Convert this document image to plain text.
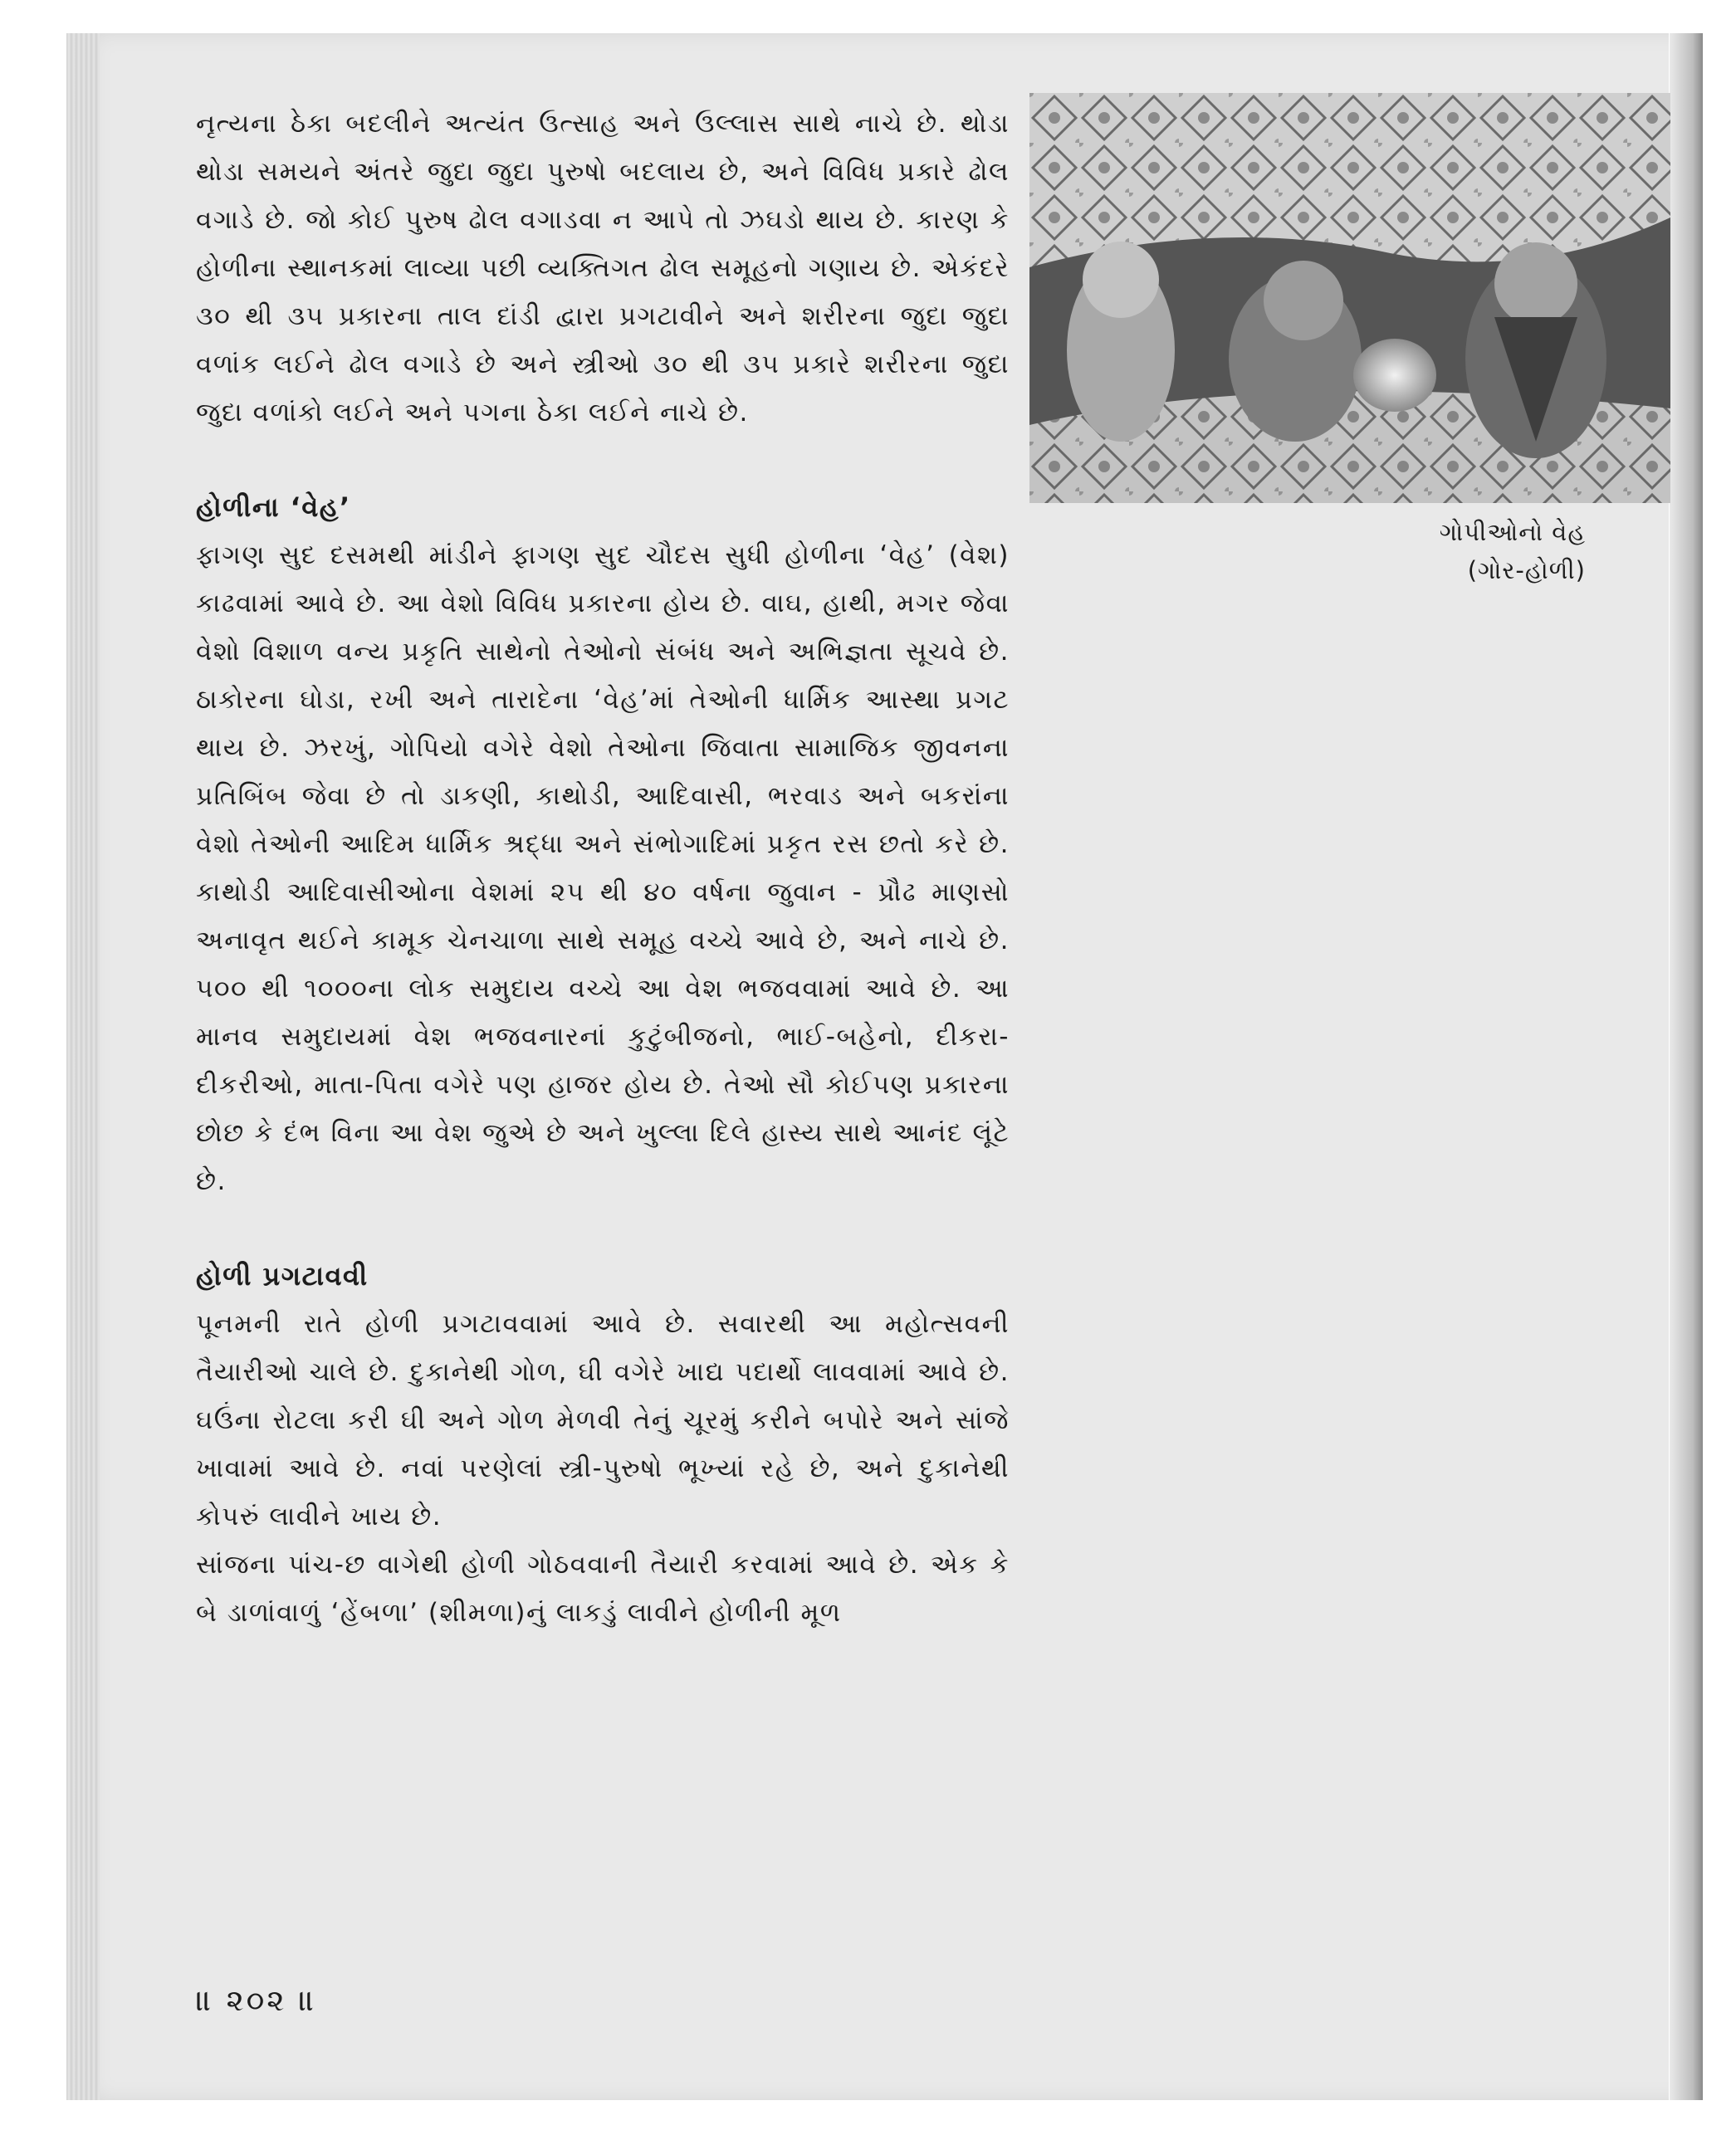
નૃત્યના ઠેકા બદલીને અત્યંત ઉત્સાહ અને ઉલ્લાસ સાથે નાચે છે. થોડા થોડા સમયને અંતરે જુદા જુદા પુરુષો બદલાય છે, અને વિવિધ પ્રકારે ઢોલ વગાડે છે. જો કોઈ પુરુષ ઢોલ વગાડવા ન આપે તો ઝઘડો થાય છે. કારણ કે હોળીના સ્થાનકમાં લાવ્યા પછી વ્યક્તિગત ઢોલ સમૂહનો ગણાય છે. એકંદરે ૩૦ થી ૩૫ પ્રકારના તાલ દાંડી દ્વારા પ્રગટાવીને અને શરીરના જુદા જુદા વળાંક લઈને ઢોલ વગાડે છે અને સ્ત્રીઓ ૩૦ થી ૩૫ પ્રકારે શરીરના જુદા જુદા વળાંકો લઈને અને પગના ઠેકા લઈને નાચે છે.

હોળીના ‘વેહ’

ફાગણ સુદ દસમથી માંડીને ફાગણ સુદ ચૌદસ સુધી હોળીના ‘વેહ’ (વેશ) કાઢવામાં આવે છે. આ વેશો વિવિધ પ્રકારના હોય છે. વાઘ, હાથી, મગર જેવા વેશો વિશાળ વન્ય પ્રકૃતિ સાથેનો તેઓનો સંબંધ અને અભિજ્ઞતા સૂચવે છે. ઠાકોરના ઘોડા, રખી અને તારાદેના ‘વેહ’માં તેઓની ધાર્મિક આસ્થા પ્રગટ થાય છે. ઝરખું, ગોપિયો વગેરે વેશો તેઓના જિવાતા સામાજિક જીવનના પ્રતિબિંબ જેવા છે તો ડાકણી, કાથોડી, આદિવાસી, ભરવાડ અને બકરાંના વેશો તેઓની આદિમ ધાર્મિક શ્રદ્ધા અને સંભોગાદિમાં પ્રકૃત રસ છતો કરે છે. કાથોડી આદિવાસીઓના વેશમાં ૨૫ થી ૪૦ વર્ષના જુવાન - પ્રૌઢ માણસો અનાવૃત થઈને કામૂક ચેનચાળા સાથે સમૂહ વચ્ચે આવે છે, અને નાચે છે. ૫૦૦ થી ૧૦૦૦ના લોક સમુદાય વચ્ચે આ વેશ ભજવવામાં આવે છે. આ માનવ સમુદાયમાં વેશ ભજવનારનાં કુટુંબીજનો, ભાઈ-બહેનો, દીકરા-દીકરીઓ, માતા-પિતા વગેરે પણ હાજર હોય છે. તેઓ સૌ કોઈપણ પ્રકારના છોછ કે દંભ વિના આ વેશ જુએ છે અને ખુલ્લા દિલે હાસ્ય સાથે આનંદ લૂંટે છે.

હોળી પ્રગટાવવી

પૂનમની રાતે હોળી પ્રગટાવવામાં આવે છે. સવારથી આ મહોત્સવની તૈયારીઓ ચાલે છે. દુકાનેથી ગોળ, ઘી વગેરે ખાદ્ય પદાર્થો લાવવામાં આવે છે. ઘઉંના રોટલા કરી ઘી અને ગોળ મેળવી તેનું ચૂરમું કરીને બપોરે અને સાંજે ખાવામાં આવે છે. નવાં પરણેલાં સ્ત્રી-પુરુષો ભૂખ્યાં રહે છે, અને દુકાનેથી કોપરું લાવીને ખાય છે.

સાંજના પાંચ-છ વાગેથી હોળી ગોઠવવાની તૈયારી કરવામાં આવે છે. એક કે બે ડાળાંવાળું ‘હેંબળા’ (શીમળા)નું લાકડું લાવીને હોળીની મૂળ

ગોપીઓનો વેહ
(ગોર-હોળી)
॥ ૨૦૨ ॥
